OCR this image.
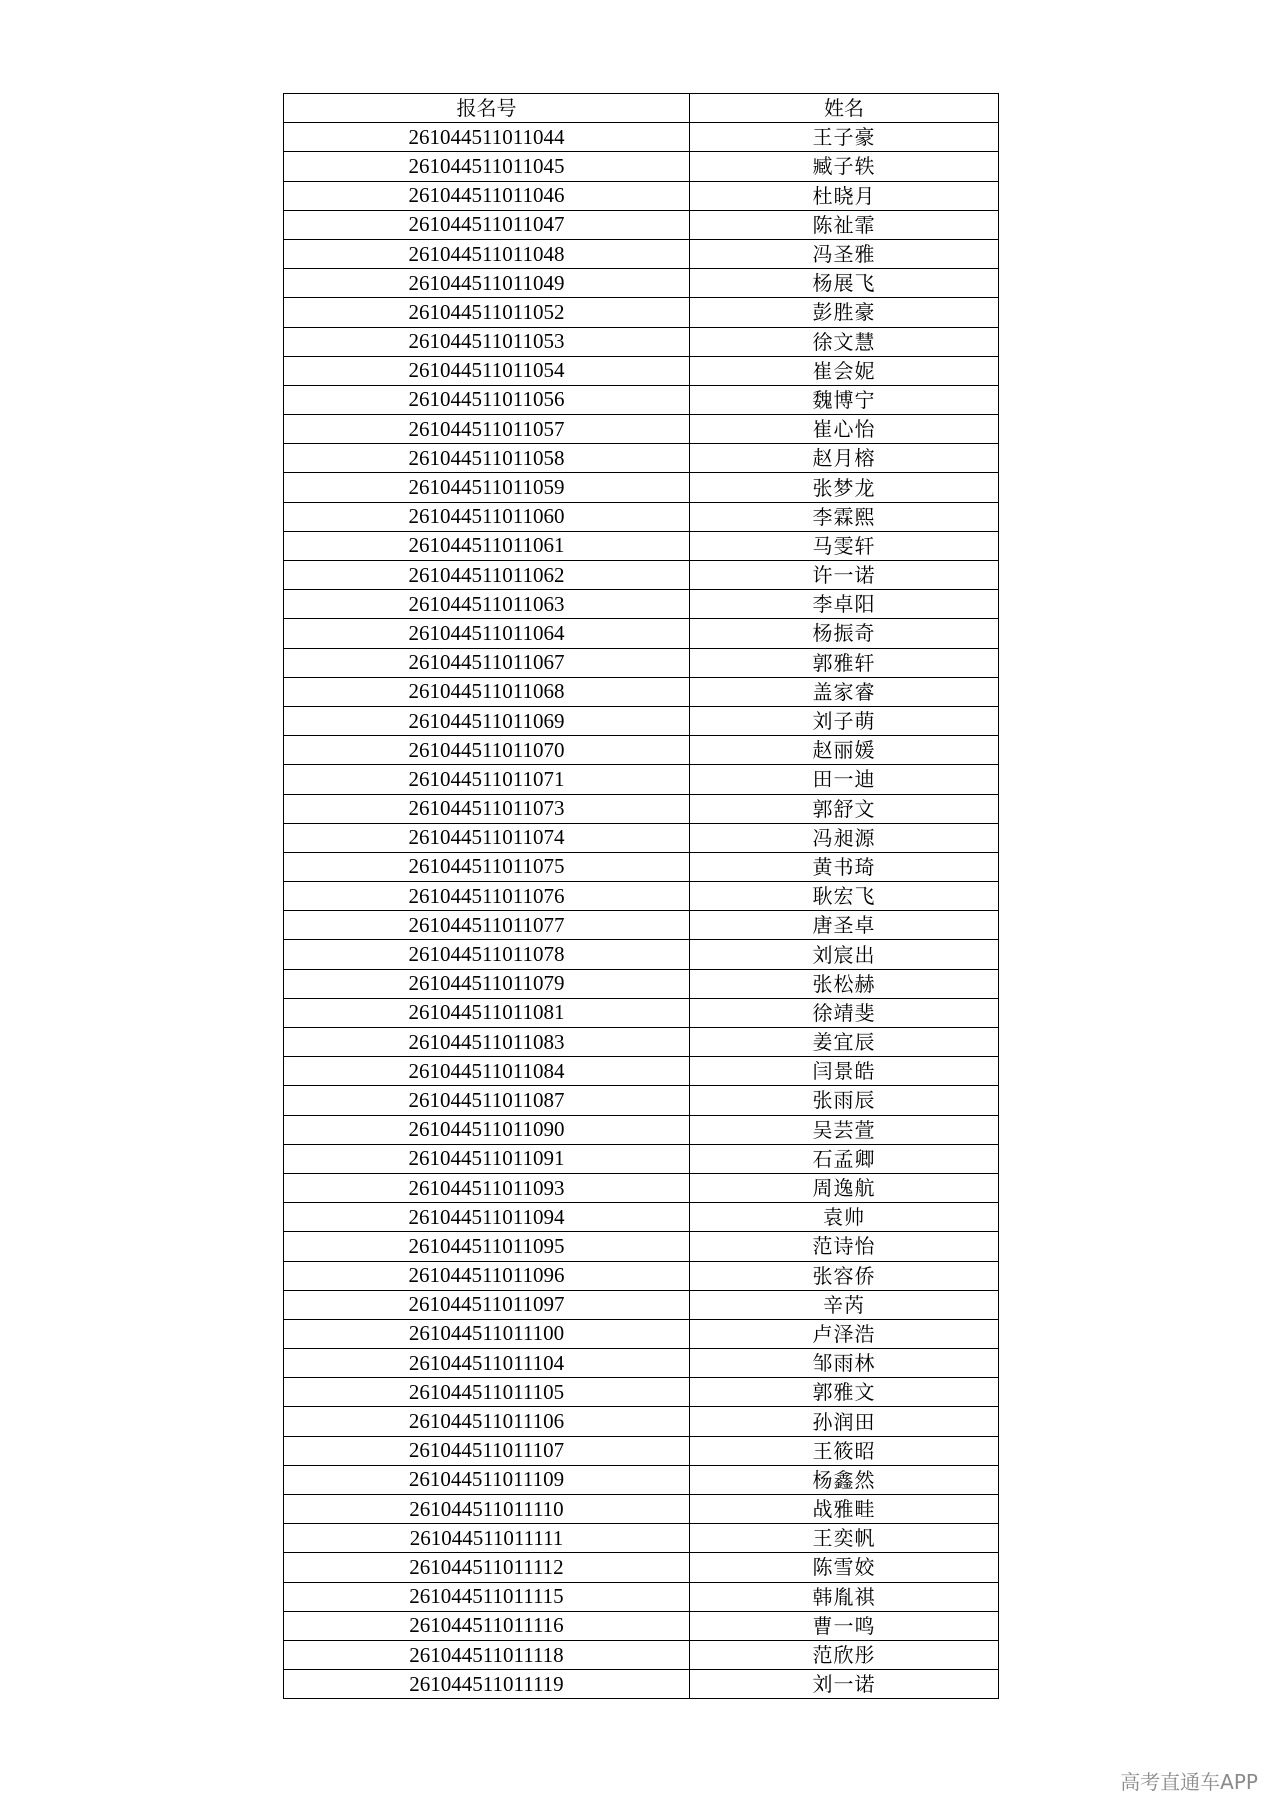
报名号	姓名
261044511011044	王子豪
261044511011045	臧子轶
261044511011046	杜晓月
261044511011047	陈祉霏
261044511011048	冯圣雅
261044511011049	杨展飞
261044511011052	彭胜豪
261044511011053	徐文慧
261044511011054	崔会妮
261044511011056	魏博宁
261044511011057	崔心怡
261044511011058	赵月榕
261044511011059	张梦龙
261044511011060	李霖熙
261044511011061	马雯轩
261044511011062	许一诺
261044511011063	李卓阳
261044511011064	杨振奇
261044511011067	郭雅轩
261044511011068	盖家睿
261044511011069	刘子萌
261044511011070	赵丽媛
261044511011071	田一迪
261044511011073	郭舒文
261044511011074	冯昶源
261044511011075	黄书琦
261044511011076	耿宏飞
261044511011077	唐圣卓
261044511011078	刘宸出
261044511011079	张松赫
261044511011081	徐靖斐
261044511011083	姜宜辰
261044511011084	闫景皓
261044511011087	张雨辰
261044511011090	吴芸萱
261044511011091	石孟卿
261044511011093	周逸航
261044511011094	袁帅
261044511011095	范诗怡
261044511011096	张容侨
261044511011097	辛芮
261044511011100	卢泽浩
261044511011104	邹雨林
261044511011105	郭雅文
261044511011106	孙润田
261044511011107	王筱昭
261044511011109	杨鑫然
261044511011110	战雅畦
261044511011111	王奕帆
261044511011112	陈雪姣
261044511011115	韩胤祺
261044511011116	曹一鸣
261044511011118	范欣彤
261044511011119	刘一诺
高考直通车APP
